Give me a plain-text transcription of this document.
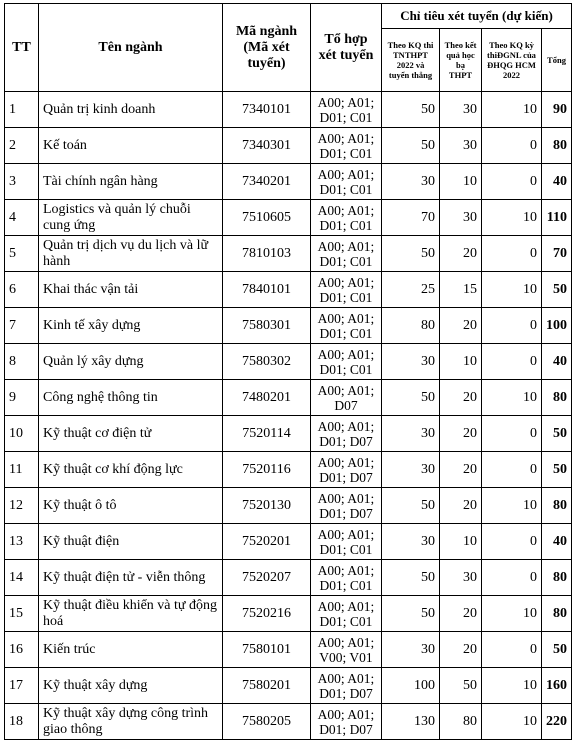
TT	Tên ngành	Mã ngành (Mã xét tuyển)	Tổ hợp xét tuyển	Chỉ tiêu xét tuyển (dự kiến)			
				Theo KQ thi TNTHPT 2022 và tuyển thẳng	Theo kết quả học bạ THPT	Theo KQ kỳ thiĐGNL của ĐHQG HCM 2022	Tổng
1	Quản trị kinh doanh	7340101	A00; A01; D01; C01	50	30	10	90
2	Kế toán	7340301	A00; A01; D01; C01	50	30	0	80
3	Tài chính ngân hàng	7340201	A00; A01; D01; C01	30	10	0	40
4	Logistics và quản lý chuỗi cung ứng	7510605	A00; A01; D01; C01	70	30	10	110
5	Quản trị dịch vụ du lịch và lữ hành	7810103	A00; A01; D01; C01	50	20	0	70
6	Khai thác vận tải	7840101	A00; A01; D01; C01	25	15	10	50
7	Kinh tế xây dựng	7580301	A00; A01; D01; C01	80	20	0	100
8	Quản lý xây dựng	7580302	A00; A01; D01; C01	30	10	0	40
9	Công nghệ thông tin	7480201	A00; A01; D07	50	20	10	80
10	Kỹ thuật cơ điện tử	7520114	A00; A01; D01; D07	30	20	0	50
11	Kỹ thuật cơ khí động lực	7520116	A00; A01; D01; D07	30	20	0	50
12	Kỹ thuật ô tô	7520130	A00; A01; D01; D07	50	20	10	80
13	Kỹ thuật điện	7520201	A00; A01; D01; C01	30	10	0	40
14	Kỹ thuật điện tử - viễn thông	7520207	A00; A01; D01; C01	50	30	0	80
15	Kỹ thuật điều khiển và tự động hoá	7520216	A00; A01; D01; C01	50	20	10	80
16	Kiến trúc	7580101	A00; A01; V00; V01	30	20	0	50
17	Kỹ thuật xây dựng	7580201	A00; A01; D01; D07	100	50	10	160
18	Kỹ thuật xây dựng công trình giao thông	7580205	A00; A01; D01; D07	130	80	10	220
